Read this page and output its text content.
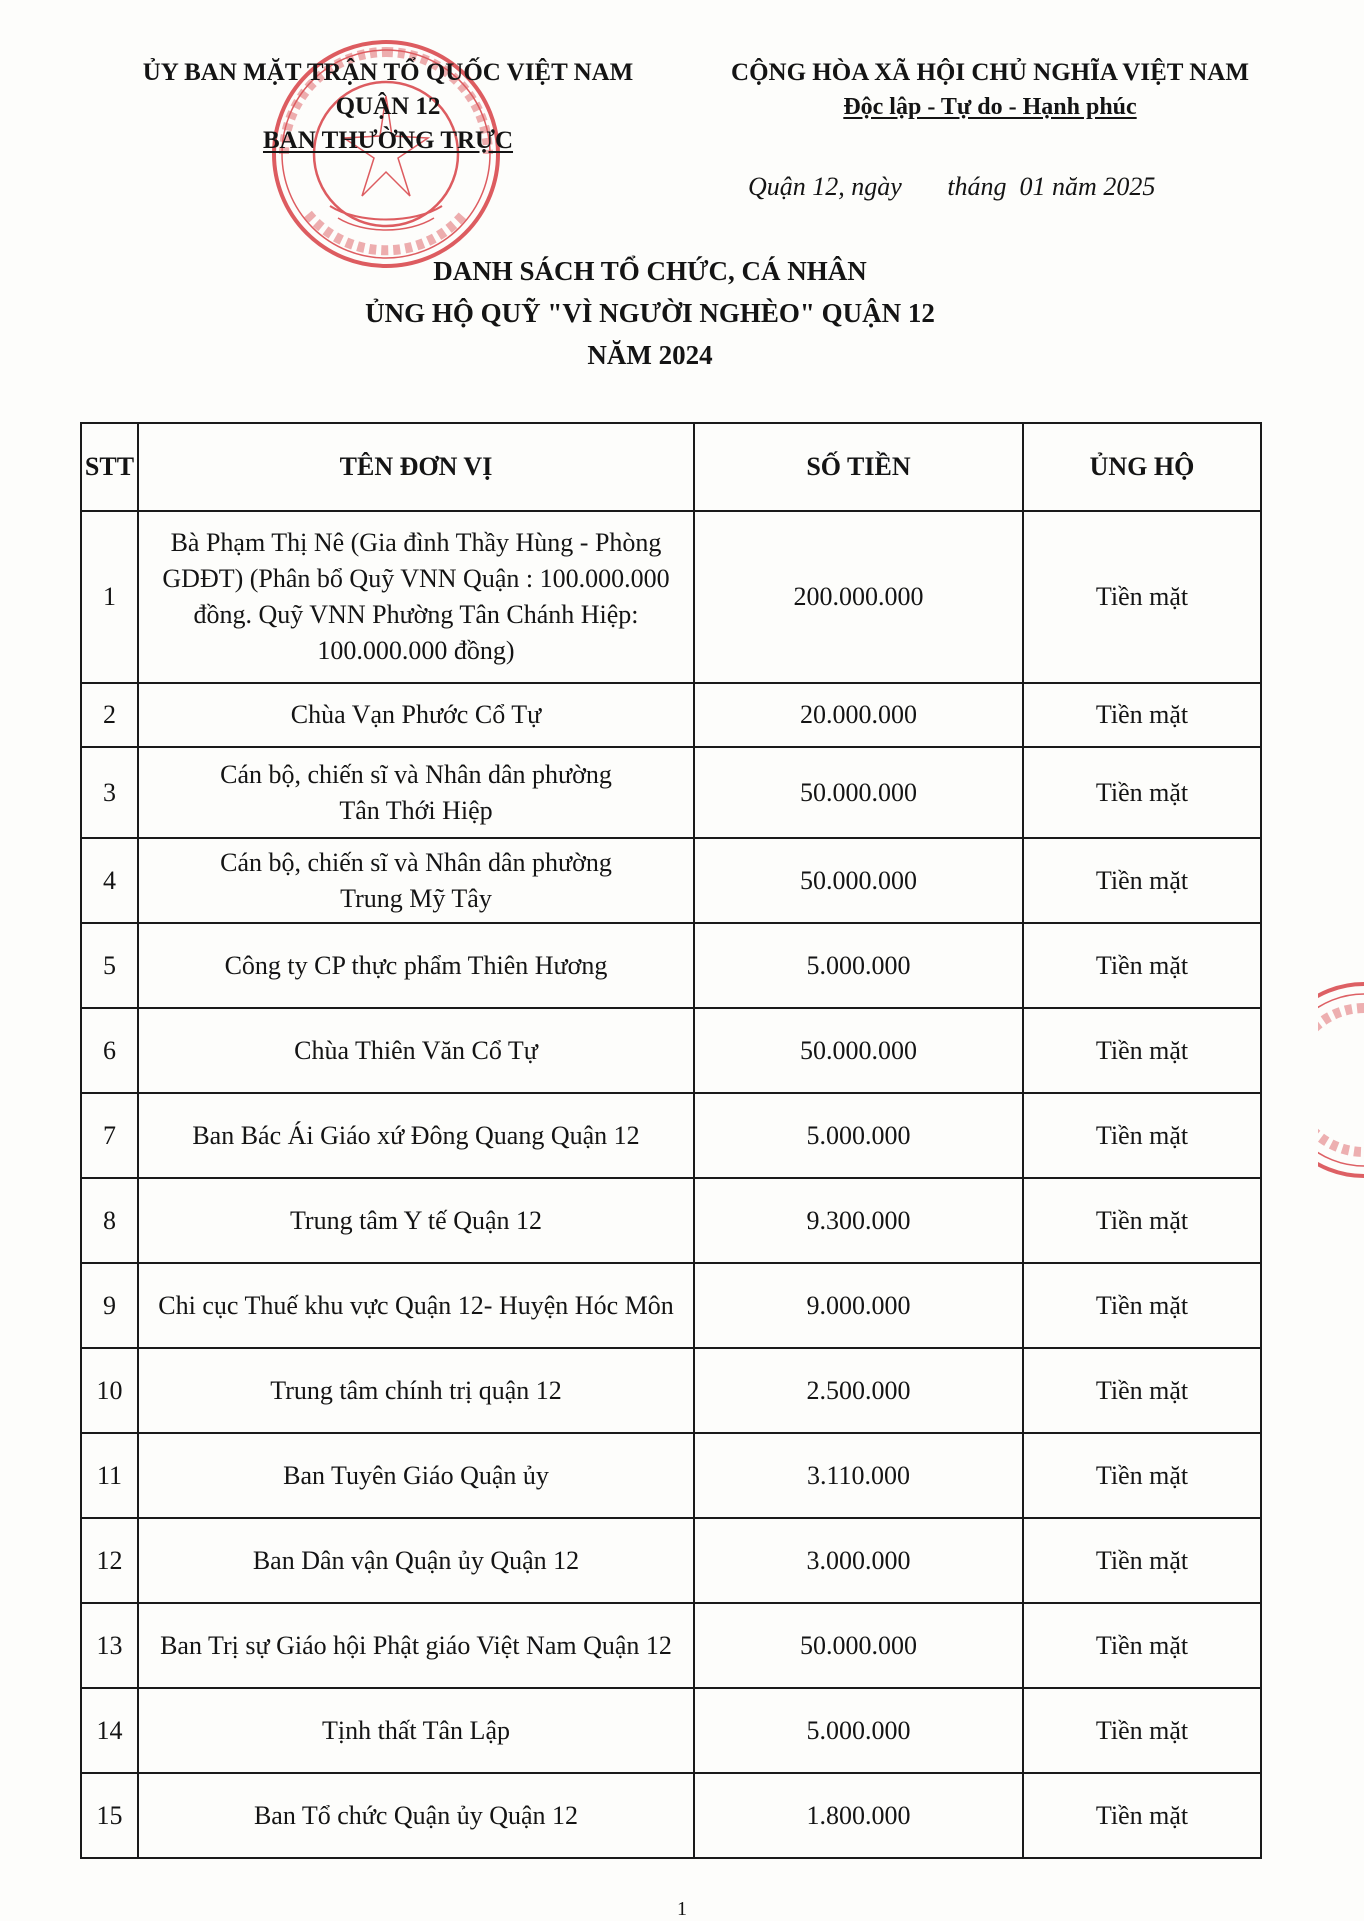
ỦY BAN MẶT TRẬN TỔ QUỐC VIỆT NAM
QUẬN 12
BAN THƯỜNG TRỰC
CỘNG HÒA XÃ HỘI CHỦ NGHĨA VIỆT NAM
Độc lập - Tự do - Hạnh phúc
Quận 12, ngày       tháng  01 năm 2025
DANH SÁCH TỔ CHỨC, CÁ NHÂN
ỦNG HỘ QUỸ "VÌ NGƯỜI NGHÈO" QUẬN 12
NĂM 2024
STT	TÊN ĐƠN VỊ	SỐ TIỀN	ỦNG HỘ
1	Bà Phạm Thị Nê (Gia đình Thầy Hùng - Phòng GDĐT) (Phân bổ Quỹ VNN Quận : 100.000.000 đồng. Quỹ VNN Phường Tân Chánh Hiệp: 100.000.000 đồng)	200.000.000	Tiền mặt
2	Chùa Vạn Phước Cổ Tự	20.000.000	Tiền mặt
3	Cán bộ, chiến sĩ và Nhân dân phường Tân Thới Hiệp	50.000.000	Tiền mặt
4	Cán bộ, chiến sĩ và Nhân dân phường Trung Mỹ Tây	50.000.000	Tiền mặt
5	Công ty CP thực phẩm Thiên Hương	5.000.000	Tiền mặt
6	Chùa Thiên Văn Cổ Tự	50.000.000	Tiền mặt
7	Ban Bác Ái Giáo xứ Đông Quang Quận 12	5.000.000	Tiền mặt
8	Trung tâm Y tế Quận 12	9.300.000	Tiền mặt
9	Chi cục Thuế khu vực Quận 12- Huyện Hóc Môn	9.000.000	Tiền mặt
10	Trung tâm chính trị quận 12	2.500.000	Tiền mặt
11	Ban Tuyên Giáo Quận ủy	3.110.000	Tiền mặt
12	Ban Dân vận Quận ủy Quận 12	3.000.000	Tiền mặt
13	Ban Trị sự Giáo hội Phật giáo Việt Nam Quận 12	50.000.000	Tiền mặt
14	Tịnh thất Tân Lập	5.000.000	Tiền mặt
15	Ban Tổ chức Quận ủy Quận 12	1.800.000	Tiền mặt
1
